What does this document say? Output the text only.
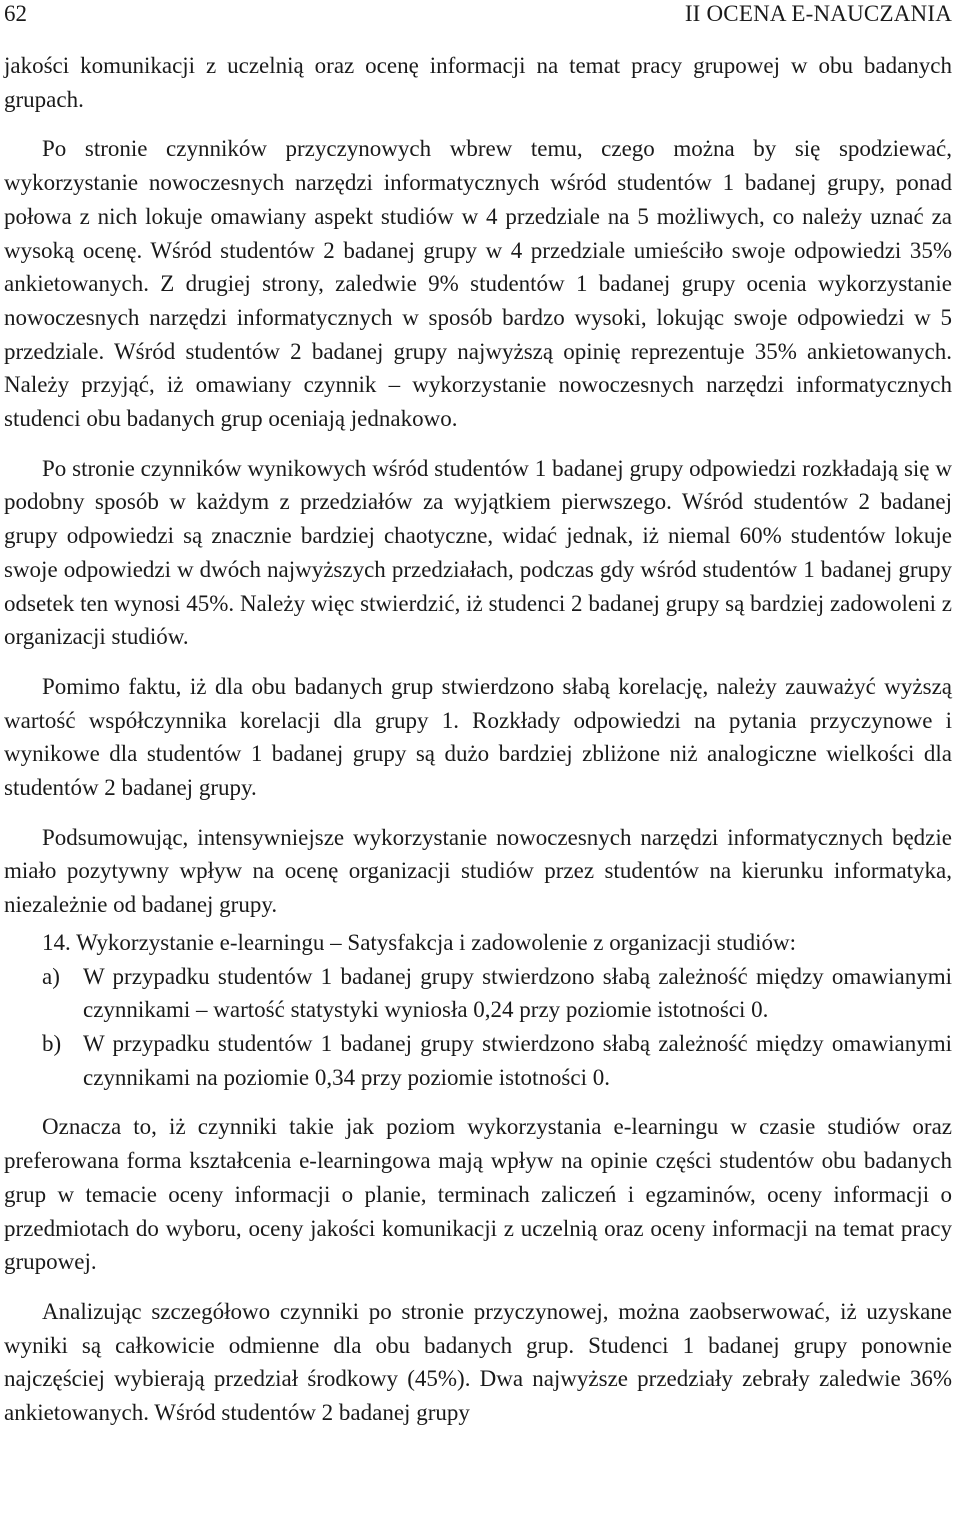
62	II OCENA E-NAUCZANIA

jakości komunikacji z uczelnią oraz ocenę informacji na temat pracy grupowej w obu badanych grupach.

Po stronie czynników przyczynowych wbrew temu, czego można by się spodziewać, wykorzystanie nowoczesnych narzędzi informatycznych wśród studentów 1 badanej grupy, ponad połowa z nich lokuje omawiany aspekt studiów w 4 przedziale na 5 możliwych, co należy uznać za wysoką ocenę. Wśród studentów 2 badanej grupy w 4 przedziale umieściło swoje odpowiedzi 35% ankietowanych. Z drugiej strony, zaledwie 9% studentów 1 badanej grupy ocenia wykorzystanie nowoczesnych narzędzi informatycznych w sposób bardzo wysoki, lokując swoje odpowiedzi w 5 przedziale. Wśród studentów 2 badanej grupy najwyższą opinię reprezentuje 35% ankietowanych. Należy przyjąć, iż omawiany czynnik – wykorzystanie nowoczesnych narzędzi informatycznych studenci obu badanych grup oceniają jednakowo.

Po stronie czynników wynikowych wśród studentów 1 badanej grupy odpowiedzi rozkładają się w podobny sposób w każdym z przedziałów za wyjątkiem pierwszego. Wśród studentów 2 badanej grupy odpowiedzi są znacznie bardziej chaotyczne, widać jednak, iż niemal 60% studentów lokuje swoje odpowiedzi w dwóch najwyższych przedziałach, podczas gdy wśród studentów 1 badanej grupy odsetek ten wynosi 45%. Należy więc stwierdzić, iż studenci 2 badanej grupy są bardziej zadowoleni z organizacji studiów.

Pomimo faktu, iż dla obu badanych grup stwierdzono słabą korelację, należy zauważyć wyższą wartość współczynnika korelacji dla grupy 1. Rozkłady odpowiedzi na pytania przyczynowe i wynikowe dla studentów 1 badanej grupy są dużo bardziej zbliżone niż analogiczne wielkości dla studentów 2 badanej grupy.

Podsumowując, intensywniejsze wykorzystanie nowoczesnych narzędzi informatycznych będzie miało pozytywny wpływ na ocenę organizacji studiów przez studentów na kierunku informatyka, niezależnie od badanej grupy.

14. Wykorzystanie e-learningu – Satysfakcja i zadowolenie z organizacji studiów:

a) W przypadku studentów 1 badanej grupy stwierdzono słabą zależność między omawianymi czynnikami – wartość statystyki wyniosła 0,24 przy poziomie istotności 0.
b) W przypadku studentów 1 badanej grupy stwierdzono słabą zależność między omawianymi czynnikami na poziomie 0,34 przy poziomie istotności 0.

Oznacza to, iż czynniki takie jak poziom wykorzystania e-learningu w czasie studiów oraz preferowana forma kształcenia e-learningowa mają wpływ na opinie części studentów obu badanych grup w temacie oceny informacji o planie, terminach zaliczeń i egzaminów, oceny informacji o przedmiotach do wyboru, oceny jakości komunikacji z uczelnią oraz oceny informacji na temat pracy grupowej.

Analizując szczegółowo czynniki po stronie przyczynowej, można zaobserwować, iż uzyskane wyniki są całkowicie odmienne dla obu badanych grup. Studenci 1 badanej grupy ponownie najczęściej wybierają przedział środkowy (45%). Dwa najwyższe przedziały zebrały zaledwie 36% ankietowanych. Wśród studentów 2 badanej grupy
